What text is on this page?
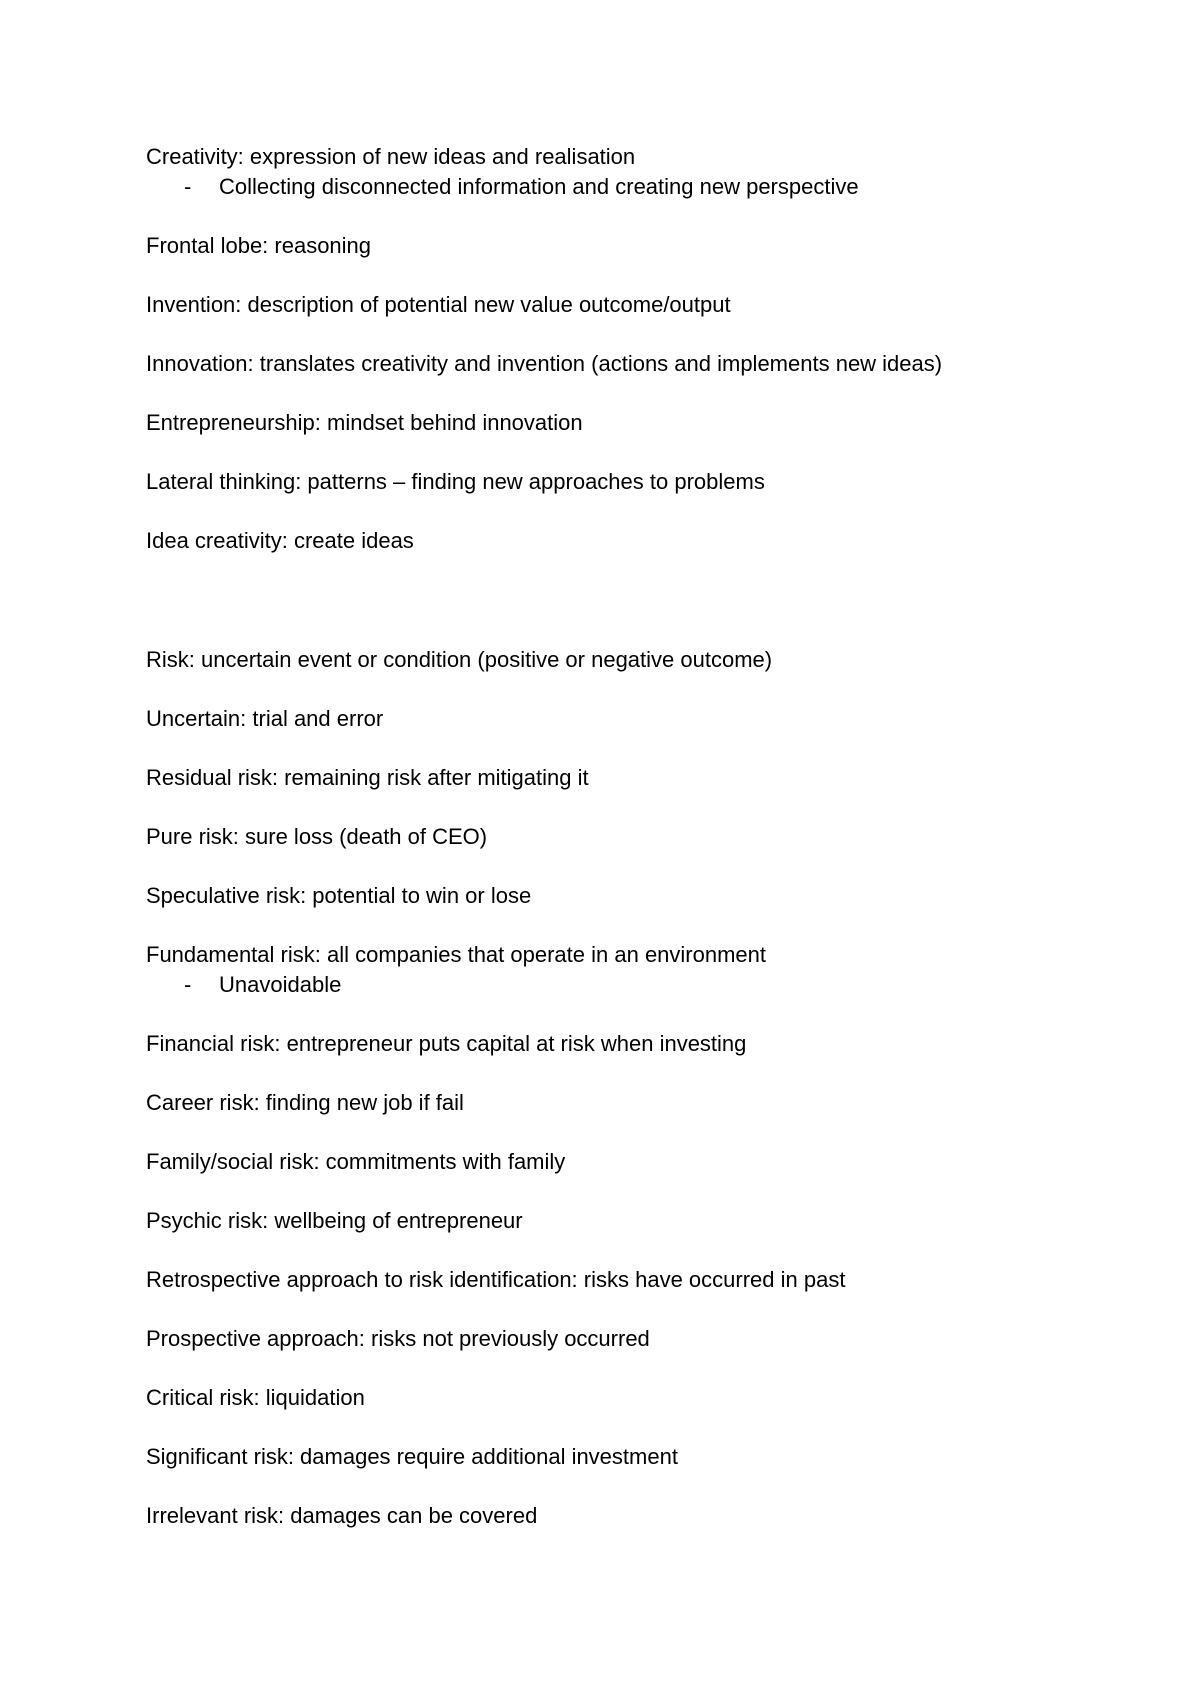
Creativity: expression of new ideas and realisation

- Collecting disconnected information and creating new perspective

Frontal lobe: reasoning

Invention: description of potential new value outcome/output

Innovation: translates creativity and invention (actions and implements new ideas)

Entrepreneurship: mindset behind innovation

Lateral thinking: patterns – finding new approaches to problems

Idea creativity: create ideas

Risk: uncertain event or condition (positive or negative outcome)

Uncertain: trial and error

Residual risk: remaining risk after mitigating it

Pure risk: sure loss (death of CEO)

Speculative risk: potential to win or lose

Fundamental risk: all companies that operate in an environment

- Unavoidable

Financial risk: entrepreneur puts capital at risk when investing

Career risk: finding new job if fail

Family/social risk: commitments with family

Psychic risk: wellbeing of entrepreneur

Retrospective approach to risk identification: risks have occurred in past

Prospective approach: risks not previously occurred

Critical risk: liquidation

Significant risk: damages require additional investment

Irrelevant risk: damages can be covered
